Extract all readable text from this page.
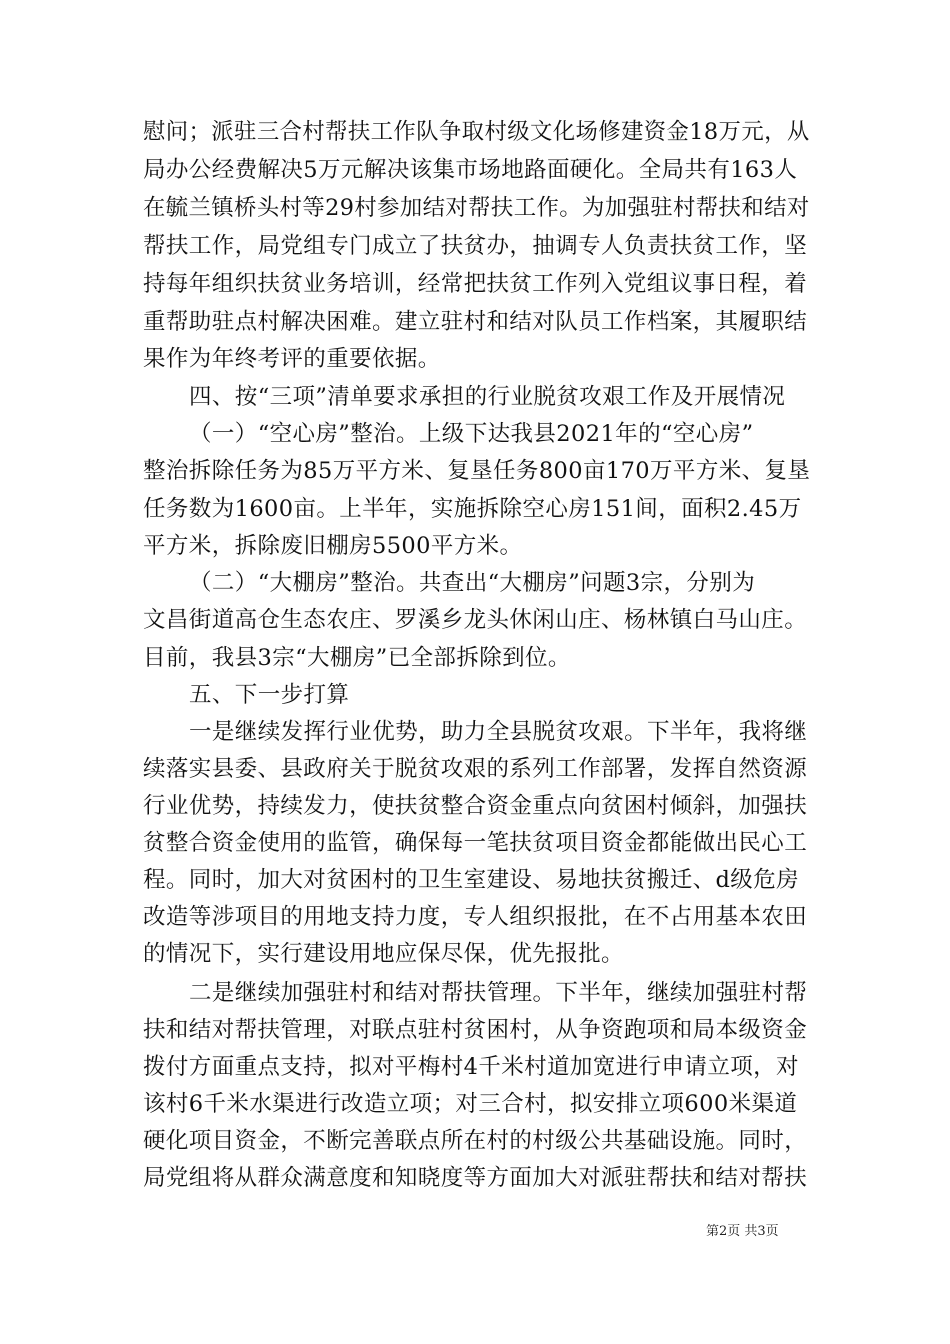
慰问；派驻三合村帮扶工作队争取村级文化场修建资金18万元，从
局办公经费解决5万元解决该集市场地路面硬化。全局共有163人
在毓兰镇桥头村等29村参加结对帮扶工作。为加强驻村帮扶和结对
帮扶工作，局党组专门成立了扶贫办，抽调专人负责扶贫工作，坚
持每年组织扶贫业务培训，经常把扶贫工作列入党组议事日程，着
重帮助驻点村解决困难。建立驻村和结对队员工作档案，其履职结
果作为年终考评的重要依据。
四、按“三项”清单要求承担的行业脱贫攻艰工作及开展情况
（一）“空心房”整治。上级下达我县2021年的“空心房”
整治拆除任务为85万平方米、复垦任务800亩170万平方米、复垦
任务数为1600亩。上半年，实施拆除空心房151间，面积2.45万
平方米，拆除废旧棚房5500平方米。
（二）“大棚房”整治。共查出“大棚房”问题3宗，分别为
文昌街道高仓生态农庄、罗溪乡龙头休闲山庄、杨林镇白马山庄。
目前，我县3宗“大棚房”已全部拆除到位。
五、下一步打算
一是继续发挥行业优势，助力全县脱贫攻艰。下半年，我将继
续落实县委、县政府关于脱贫攻艰的系列工作部署，发挥自然资源
行业优势，持续发力，使扶贫整合资金重点向贫困村倾斜，加强扶
贫整合资金使用的监管，确保每一笔扶贫项目资金都能做出民心工
程。同时，加大对贫困村的卫生室建设、易地扶贫搬迁、d级危房
改造等涉项目的用地支持力度，专人组织报批，在不占用基本农田
的情况下，实行建设用地应保尽保，优先报批。
二是继续加强驻村和结对帮扶管理。下半年，继续加强驻村帮
扶和结对帮扶管理，对联点驻村贫困村，从争资跑项和局本级资金
拨付方面重点支持，拟对平梅村4千米村道加宽进行申请立项，对
该村6千米水渠进行改造立项；对三合村，拟安排立项600米渠道
硬化项目资金，不断完善联点所在村的村级公共基础设施。同时，
局党组将从群众满意度和知晓度等方面加大对派驻帮扶和结对帮扶
第2页 共3页
